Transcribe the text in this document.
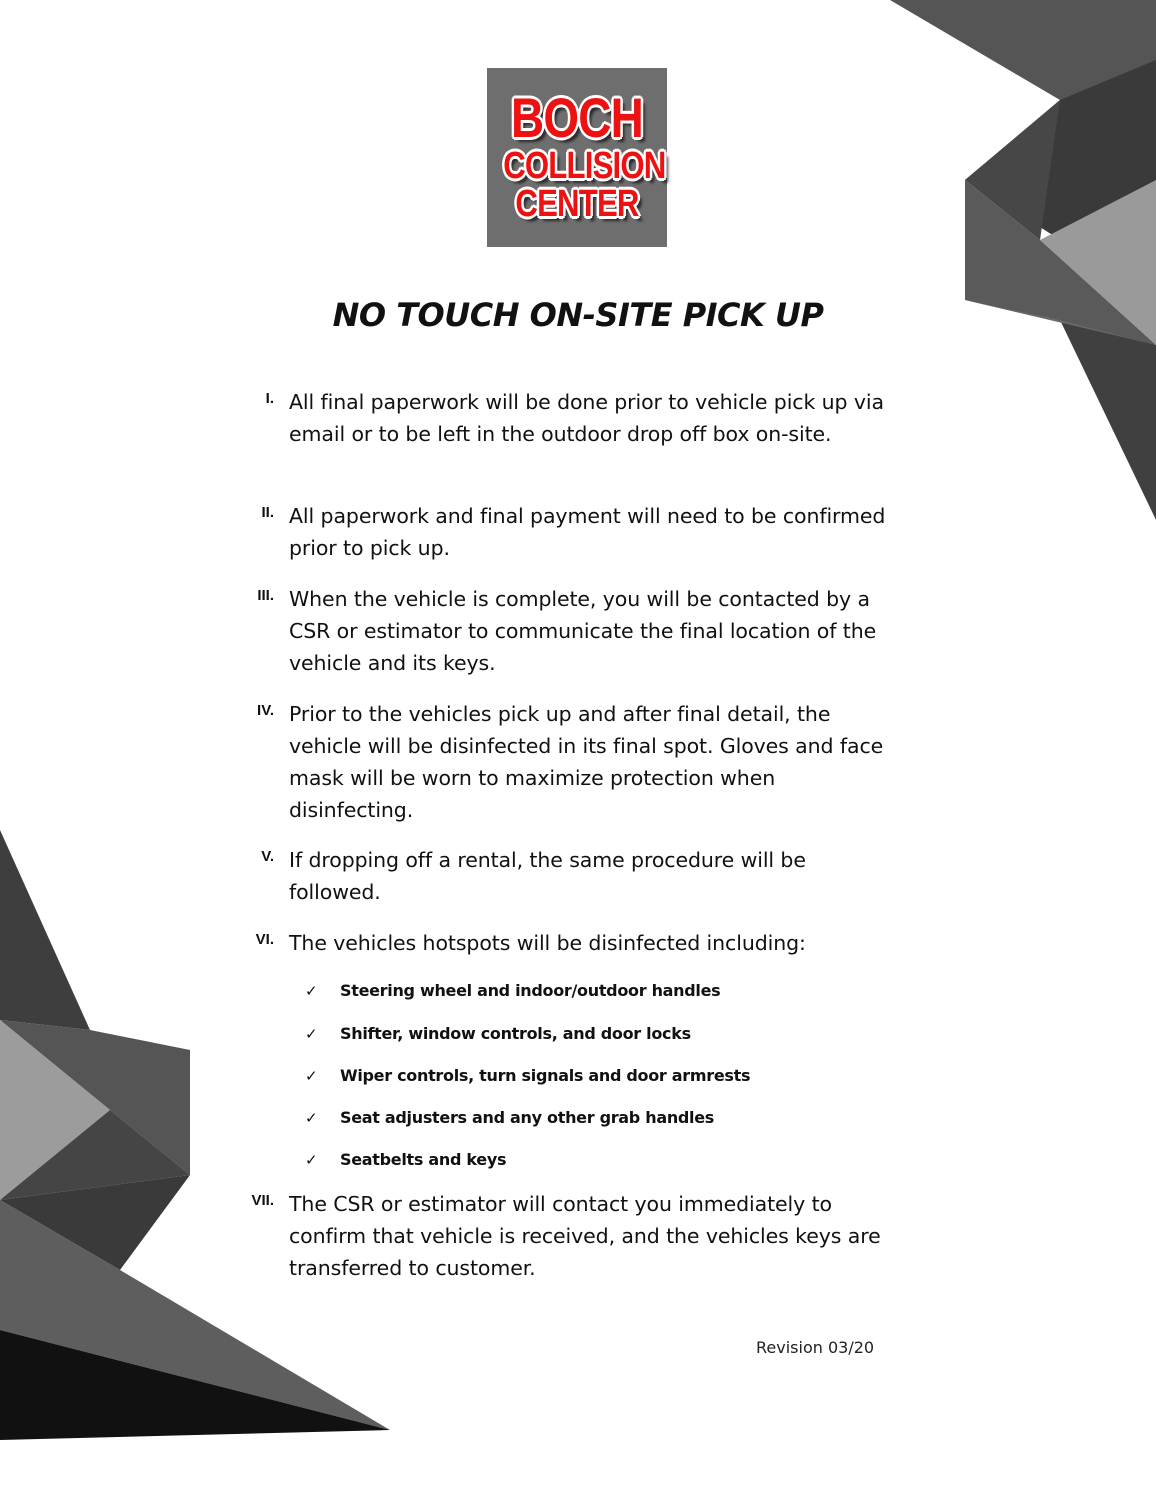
BOCH
COLLISION
CENTER
NO TOUCH ON-SITE PICK UP
I. All final paperwork will be done prior to vehicle pick up via email or to be left in the outdoor drop off box on-site.
II. All paperwork and final payment will need to be confirmed prior to pick up.
III. When the vehicle is complete, you will be contacted by a CSR or estimator to communicate the final location of the vehicle and its keys.
IV. Prior to the vehicles pick up and after final detail, the vehicle will be disinfected in its final spot. Gloves and face mask will be worn to maximize protection when disinfecting.
V. If dropping off a rental, the same procedure will be followed.
VI. The vehicles hotspots will be disinfected including:
✓ Steering wheel and indoor/outdoor handles
✓ Shifter, window controls, and door locks
✓ Wiper controls, turn signals and door armrests
✓ Seat adjusters and any other grab handles
✓ Seatbelts and keys
VII. The CSR or estimator will contact you immediately to confirm that vehicle is received, and the vehicles keys are transferred to customer.
Revision 03/20
